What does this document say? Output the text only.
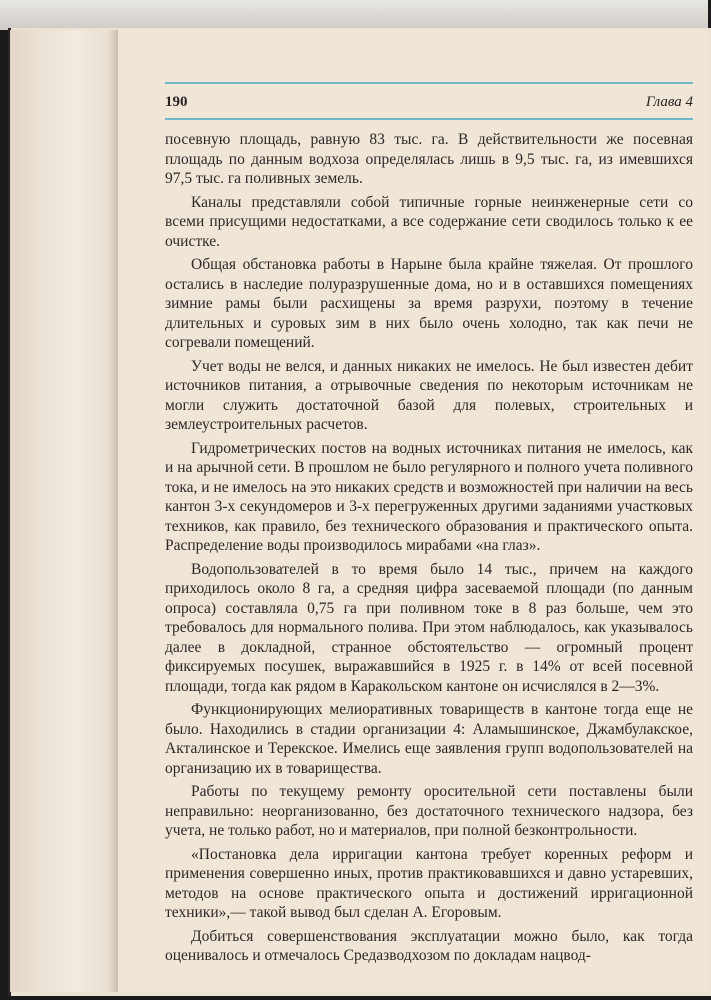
190	Глава 4

посевную площадь, равную 83 тыс. га. В действительности же посевная площадь по данным водхоза определялась лишь в 9,5 тыс. га, из имевшихся 97,5 тыс. га поливных земель.

Каналы представляли собой типичные горные неинженерные сети со всеми присущими недостатками, а все содержание сети сводилось только к ее очистке.

Общая обстановка работы в Нарыне была крайне тяжелая. От прошлого остались в наследие полуразрушенные дома, но и в оставшихся помещениях зимние рамы были расхищены за время разрухи, поэтому в течение длительных и суровых зим в них было очень холодно, так как печи не согревали помещений.

Учет воды не велся, и данных никаких не имелось. Не был известен дебит источников питания, а отрывочные сведения по некоторым источникам не могли служить достаточной базой для полевых, строительных и землеустроительных расчетов.

Гидрометрических постов на водных источниках питания не имелось, как и на арычной сети. В прошлом не было регулярного и полного учета поливного тока, и не имелось на это никаких средств и возможностей при наличии на весь кантон 3-х секундомеров и 3-х перегруженных другими заданиями участковых техников, как правило, без технического образования и практического опыта. Распределение воды производилось мирабами «на глаз».

Водопользователей в то время было 14 тыс., причем на каждого приходилось около 8 га, а средняя цифра засеваемой площади (по данным опроса) составляла 0,75 га при поливном токе в 8 раз больше, чем это требовалось для нормального полива. При этом наблюдалось, как указывалось далее в докладной, странное обстоятельство — огромный процент фиксируемых посушек, выражавшийся в 1925 г. в 14% от всей посевной площади, тогда как рядом в Каракольском кантоне он исчислялся в 2—3%.

Функционирующих мелиоративных товариществ в кантоне тогда еще не было. Находились в стадии организации 4: Аламышинское, Джамбулакское, Акталинское и Терекское. Имелись еще заявления групп водопользователей на организацию их в товарищества.

Работы по текущему ремонту оросительной сети поставлены были неправильно: неорганизованно, без достаточного технического надзора, без учета, не только работ, но и материалов, при полной безконтрольности.

«Постановка дела ирригации кантона требует коренных реформ и применения совершенно иных, против практиковавшихся и давно устаревших, методов на основе практического опыта и достижений ирригационной техники»,— такой вывод был сделан А. Егоровым.

Добиться совершенствования эксплуатации можно было, как тогда оценивалось и отмечалось Средазводхозом по докладам нацвод-
